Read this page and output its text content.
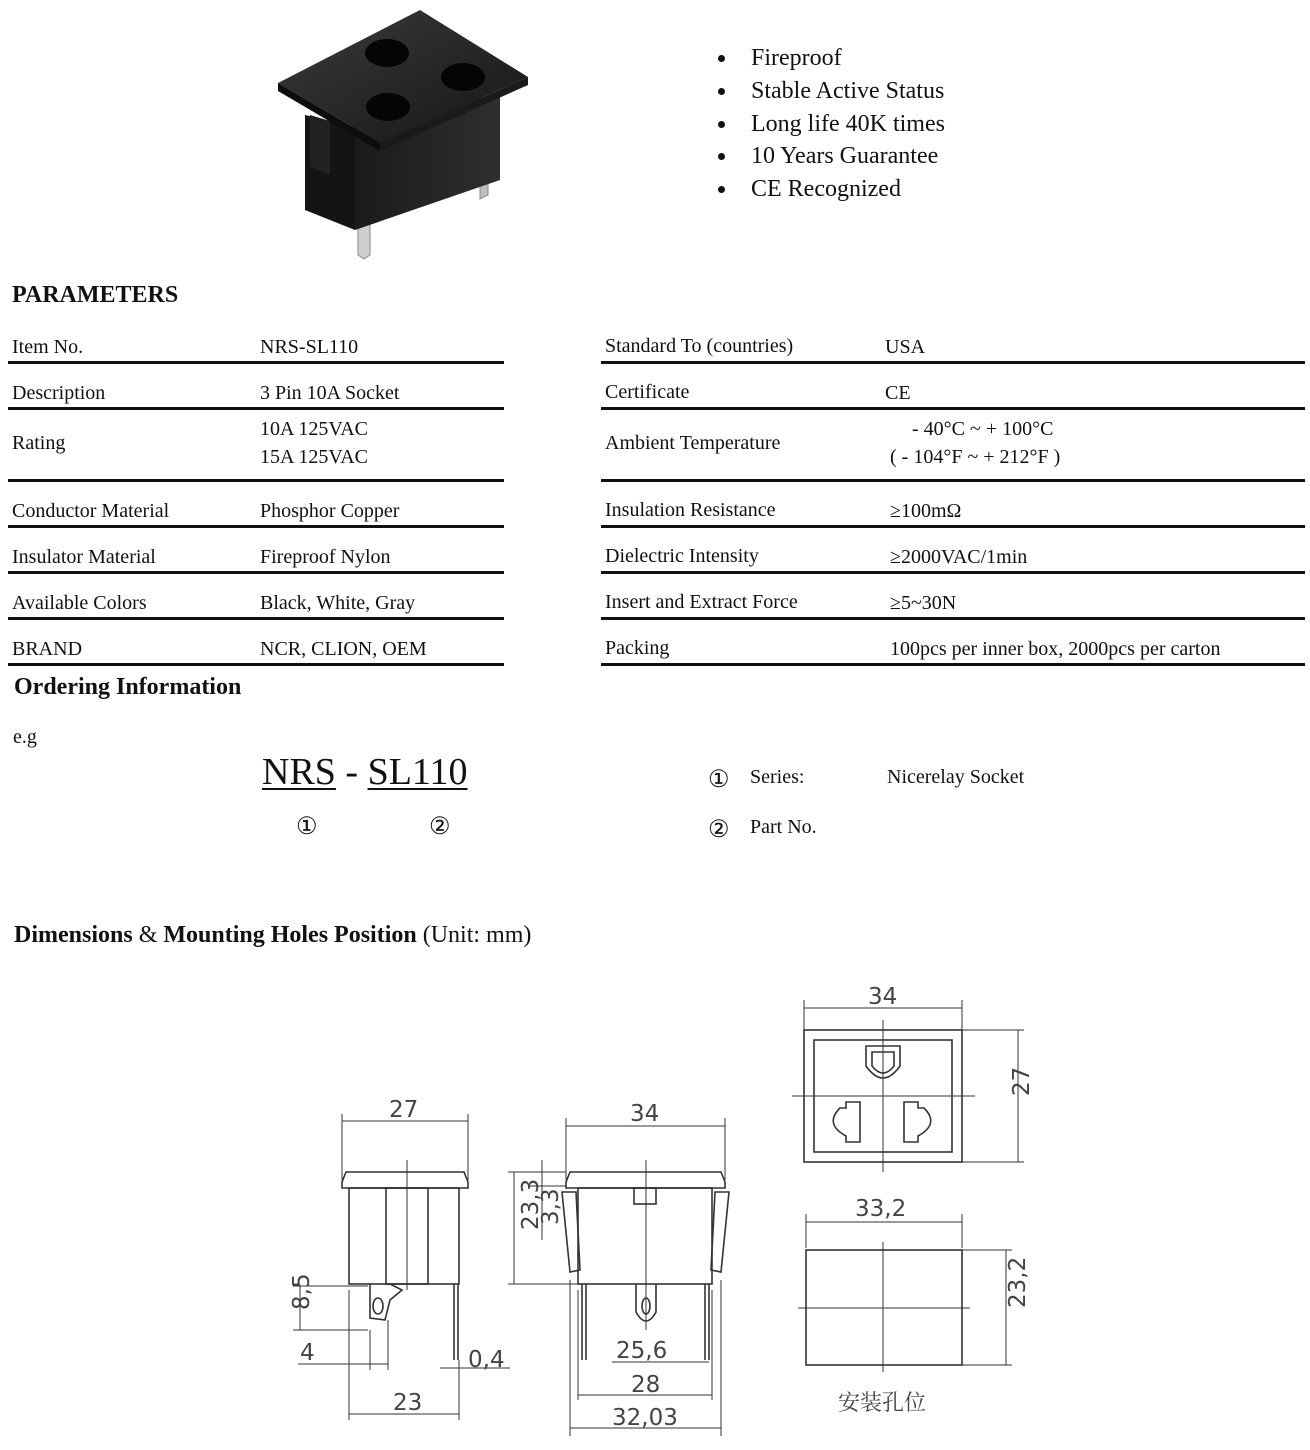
Fireproof
Stable Active Status
Long life 40K times
10 Years Guarantee
CE Recognized
PARAMETERS
Item No.	NRS-SL110
Description	3 Pin 10A Socket
Rating
10A 125VAC
15A 125VAC
Conductor Material	Phosphor Copper
Insulator Material	Fireproof Nylon
Available Colors	Black, White, Gray
BRAND	NCR, CLION, OEM
Standard To (countries)	USA
Certificate	CE
Ambient Temperature
- 40°C ~ + 100°C
( - 104°F ~ + 212°F )
Insulation Resistance	≥100mΩ
Dielectric Intensity	≥2000VAC/1min
Insert and Extract Force	≥5~30N
Packing	100pcs per inner box, 2000pcs per carton
Ordering Information
e.g
NRS - SL110
①	②
① Series:	Nicerelay Socket
② Part No.
Dimensions & Mounting Holes Position (Unit: mm)
27
8,5
4	0,4
23
34
23,3
3,3
25,6
28
32,03
34
27
33,2
23,2
安装孔位
